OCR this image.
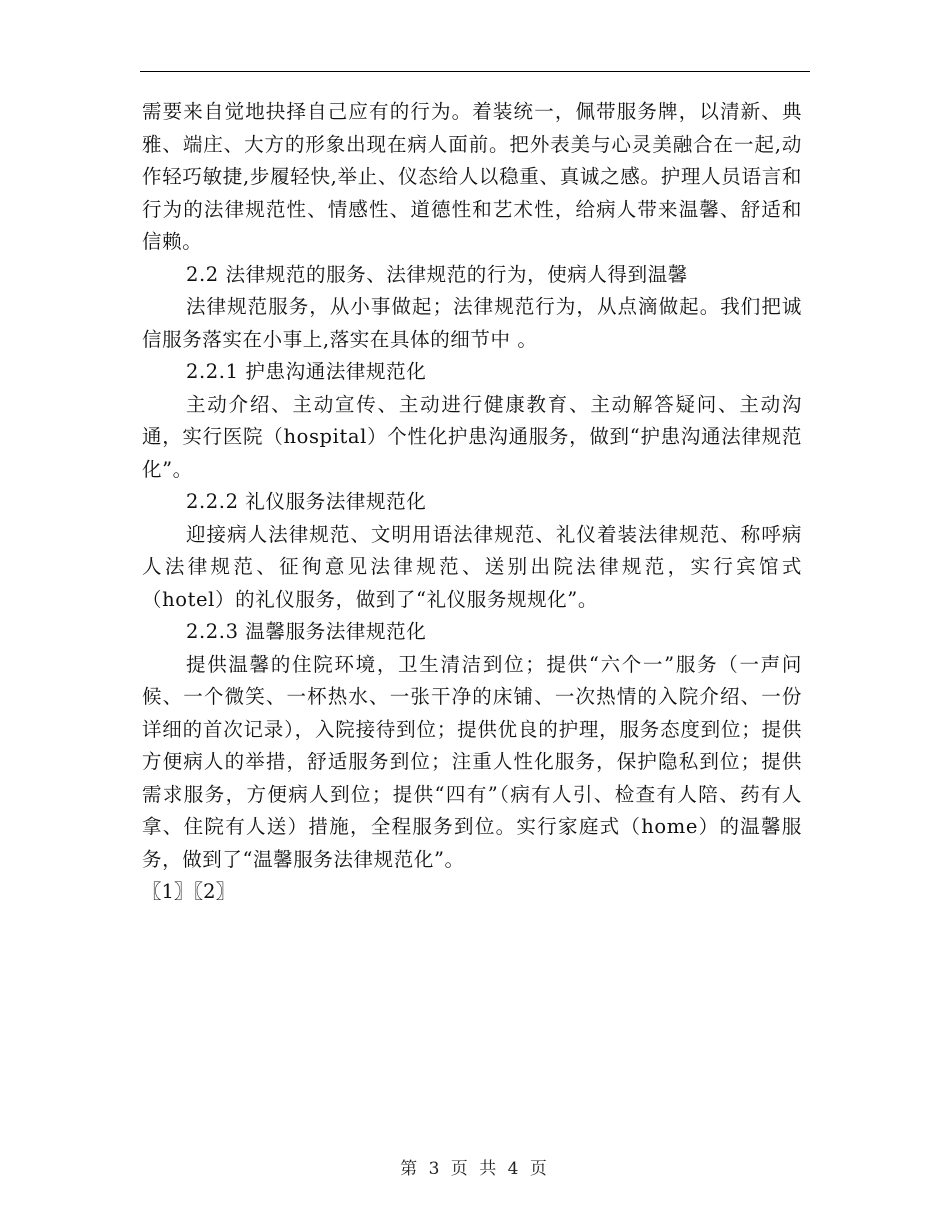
需要来自觉地抉择自己应有的行为。着装统一，佩带服务牌，以清新、典雅、端庄、大方的形象出现在病人面前。把外表美与心灵美融合在一起,动作轻巧敏捷,步履轻快,举止、仪态给人以稳重、真诚之感。护理人员语言和行为的法律规范性、情感性、道德性和艺术性，给病人带来温馨、舒适和信赖。

2.2 法律规范的服务、法律规范的行为，使病人得到温馨

法律规范服务，从小事做起；法律规范行为，从点滴做起。我们把诚信服务落实在小事上,落实在具体的细节中 。

2.2.1 护患沟通法律规范化

主动介绍、主动宣传、主动进行健康教育、主动解答疑问、主动沟通，实行医院（hospital）个性化护患沟通服务，做到“护患沟通法律规范化”。

2.2.2 礼仪服务法律规范化

迎接病人法律规范、文明用语法律规范、礼仪着装法律规范、称呼病人法律规范、征徇意见法律规范、送别出院法律规范，实行宾馆式（hotel）的礼仪服务，做到了“礼仪服务规规化”。

2.2.3 温馨服务法律规范化

提供温馨的住院环境，卫生清洁到位；提供“六个一”服务（一声问候、一个微笑、一杯热水、一张干净的床铺、一次热情的入院介绍、一份详细的首次记录），入院接待到位；提供优良的护理，服务态度到位；提供方便病人的举措，舒适服务到位；注重人性化服务，保护隐私到位；提供需求服务，方便病人到位；提供“四有”（病有人引、检查有人陪、药有人拿、住院有人送）措施，全程服务到位。实行家庭式（home）的温馨服务，做到了“温馨服务法律规范化”。

〖1〗〖2〗

第 3 页 共 4 页
